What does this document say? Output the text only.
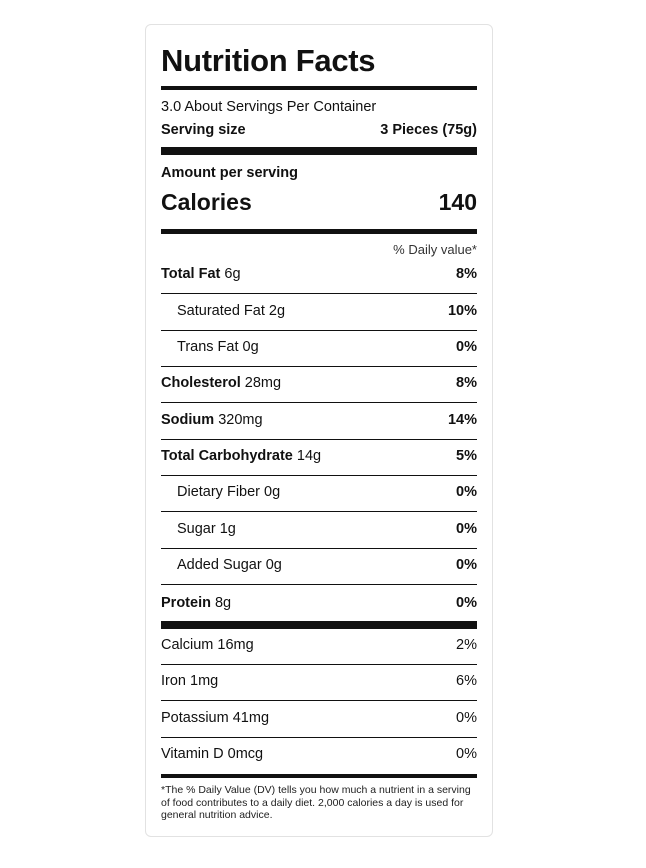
Nutrition Facts
3.0 About Servings Per Container
Serving size	3 Pieces (75g)
Amount per serving
Calories	140
% Daily value*
Total Fat 6g	8%
Saturated Fat 2g	10%
Trans Fat 0g	0%
Cholesterol 28mg	8%
Sodium 320mg	14%
Total Carbohydrate 14g	5%
Dietary Fiber 0g	0%
Sugar 1g	0%
Added Sugar 0g	0%
Protein 8g	0%
Calcium 16mg	2%
Iron 1mg	6%
Potassium 41mg	0%
Vitamin D 0mcg	0%
*The % Daily Value (DV) tells you how much a nutrient in a serving of food contributes to a daily diet. 2,000 calories a day is used for general nutrition advice.
